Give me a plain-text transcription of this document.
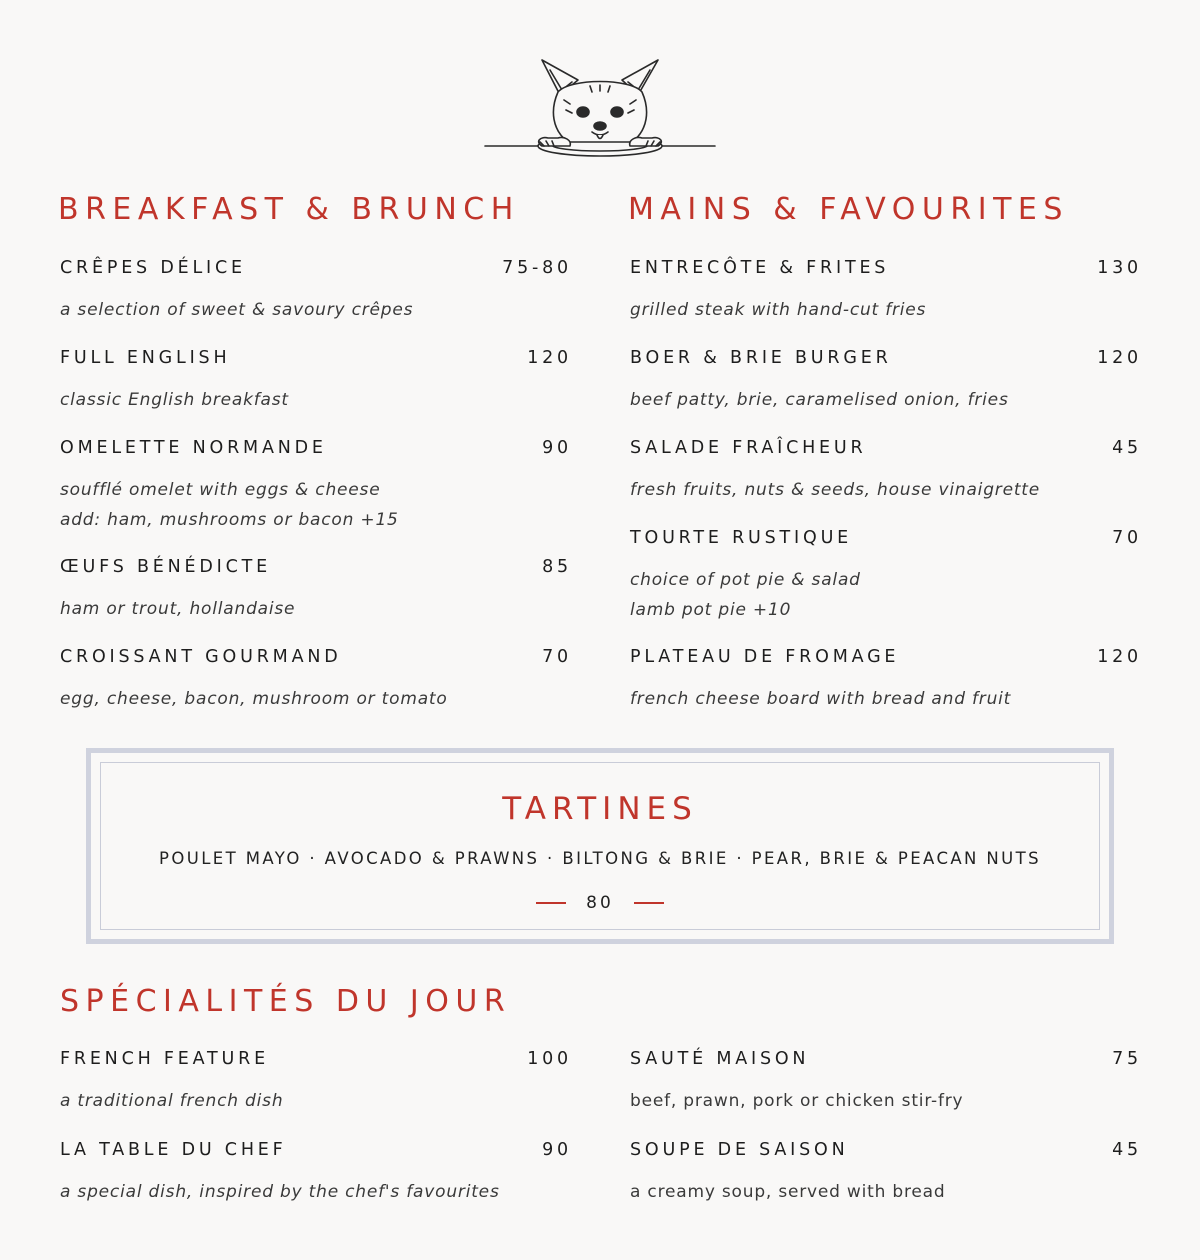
BREAKFAST & BRUNCH
CRÊPES DÉLICE	75-80
a selection of sweet & savoury crêpes
FULL ENGLISH	120
classic English breakfast
OMELETTE NORMANDE	90
soufflé omelet with eggs & cheese
add: ham, mushrooms or bacon +15
ŒUFS BÉNÉDICTE	85
ham or trout, hollandaise
CROISSANT GOURMAND	70
egg, cheese, bacon, mushroom or tomato
MAINS & FAVOURITES
ENTRECÔTE & FRITES	130
grilled steak with hand-cut fries
BOER & BRIE BURGER	120
beef patty, brie, caramelised onion, fries
SALADE FRAÎCHEUR	45
fresh fruits, nuts & seeds, house vinaigrette
TOURTE RUSTIQUE	70
choice of pot pie & salad
lamb pot pie +10
PLATEAU DE FROMAGE	120
french cheese board with bread and fruit
TARTINES
POULET MAYO · AVOCADO & PRAWNS · BILTONG & BRIE · PEAR, BRIE & PEACAN NUTS
80
SPÉCIALITÉS DU JOUR
FRENCH FEATURE	100
a traditional french dish
LA TABLE DU CHEF	90
a special dish, inspired by the chef's favourites
SAUTÉ MAISON	75
beef, prawn, pork or chicken stir-fry
SOUPE DE SAISON	45
a creamy soup, served with bread
